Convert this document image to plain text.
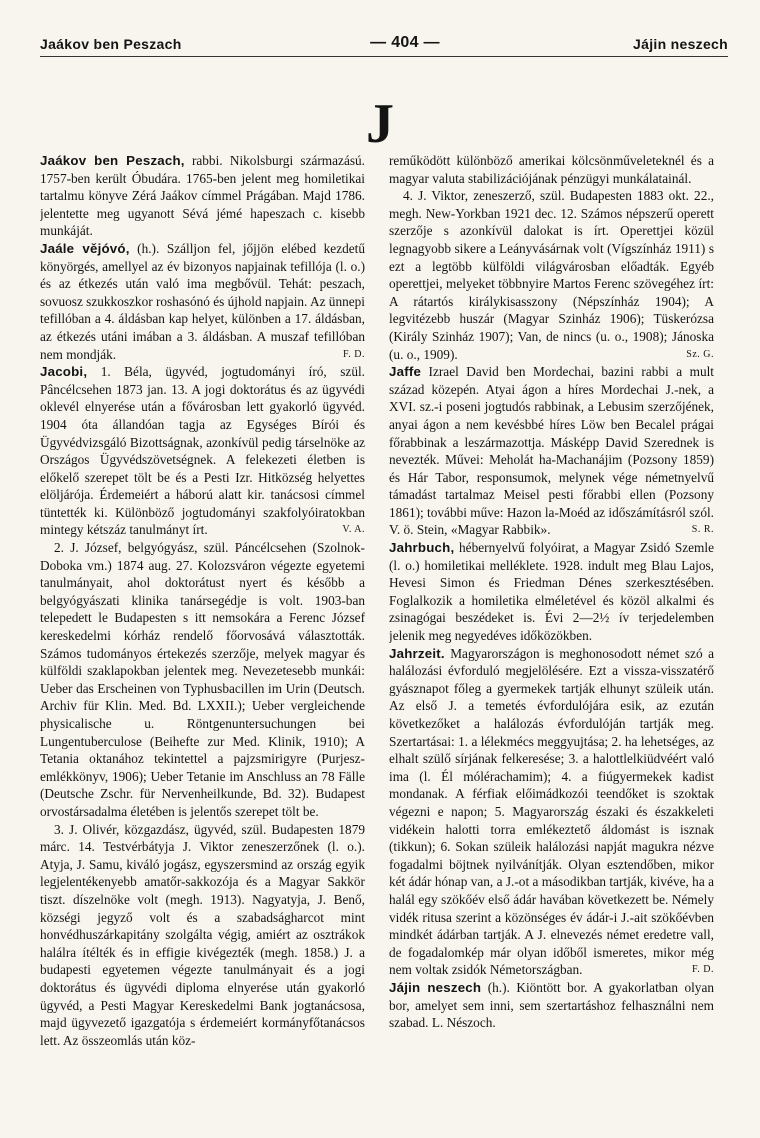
Jaákov ben Peszach	— 404 —	Jájin neszech
J

Jaákov ben Peszach, rabbi. Nikolsburgi származású. 1757-ben került Óbudára. 1765-ben jelent meg homiletikai tartalmu könyve Zérá Jaákov címmel Prágában. Majd 1786. jelentette meg ugyanott Sévá jémé hapeszach c. kisebb munkáját.

Jaále vějóvó, (h.). Szálljon fel, jőjjön elébed kezdetű könyörgés, amellyel az év bizonyos napjainak tefillója (l. o.) és az étkezés után való ima megbővül. Tehát: peszach, sovuosz szukkoszkor roshasónó és újhold napjain. Az ünnepi tefillóban a 4. áldásban kap helyet, különben a 17. áldásban, az étkezés utáni imában a 3. áldásban. A muszaf tefillóban nem mondják.	F. D.

Jacobi, 1. Béla, ügyvéd, jogtudományi író, szül. Pâncélcsehen 1873 jan. 13. A jogi doktorátus és az ügyvédi oklevél elnyerése után a fővárosban lett gyakorló ügyvéd. 1904 óta állandóan tagja az Egységes Bírói és Ügyvédvizsgáló Bizottságnak, azonkívül pedig társelnöke az Országos Ügyvédszövetségnek. A felekezeti életben is előkelő szerepet tölt be és a Pesti Izr. Hitközség helyettes elöljárója. Érdemeiért a háború alatt kir. tanácsosi címmel tüntették ki. Különböző jogtudományi szakfolyóiratokban mintegy kétszáz tanulmányt írt.	V. A.

2. J. József, belgyógyász, szül. Páncélcsehen (Szolnok-Doboka vm.) 1874 aug. 27. Kolozsváron végezte egyetemi tanulmányait, ahol doktorátust nyert és később a belgyógyászati klinika tanársegédje is volt. 1903-ban telepedett le Budapesten s itt nemsokára a Ferenc József kereskedelmi kórház rendelő főorvosává választották. Számos tudományos értekezés szerzője, melyek magyar és külföldi szaklapokban jelentek meg. Nevezetesebb munkái: Ueber das Erscheinen von Typhusbacillen im Urin (Deutsch. Archiv für Klin. Med. Bd. LXXII.); Ueber vergleichende physicalische u. Röntgenuntersuchungen bei Lungentuberculose (Beihefte zur Med. Klinik, 1910); A Tetania oktanához tekintettel a pajzsmirigyre (Purjesz-emlékkönyv, 1906); Ueber Tetanie im Anschluss an 78 Fälle (Deutsche Zschr. für Nervenheilkunde, Bd. 32). Budapest orvostársadalma életében is jelentős szerepet tölt be.

3. J. Olivér, közgazdász, ügyvéd, szül. Budapesten 1879 márc. 14. Testvérbátyja J. Viktor zeneszerzőnek (l. o.). Atyja, J. Samu, kiváló jogász, egyszersmind az ország egyik legjelentékenyebb amatőr-sakkozója és a Magyar Sakkör tiszt. díszelnöke volt (megh. 1913). Nagyatyja, J. Benő, községi jegyző volt és a szabadságharcot mint honvédhuszárkapitány szolgálta végig, amiért az osztrákok halálra ítélték és in effigie kivégezték (megh. 1858.) J. a budapesti egyetemen végezte tanulmányait és a jogi doktorátus és ügyvédi diploma elnyerése után gyakorló ügyvéd, a Pesti Magyar Kereskedelmi Bank jogtanácsosa, majd ügyvezető igazgatója s érdemeiért kormányfőtanácsos lett. Az összeomlás után köz-

reműködött különböző amerikai kölcsönműveleteknél és a magyar valuta stabilizációjának pénzügyi munkálatainál.

4. J. Viktor, zeneszerző, szül. Budapesten 1883 okt. 22., megh. New-Yorkban 1921 dec. 12. Számos népszerű operett szerzője s azonkívül dalokat is írt. Operettjei közül legnagyobb sikere a Leányvásárnak volt (Vígszínház 1911) s ezt a legtöbb külföldi világvárosban előadták. Egyéb operettjei, melyeket többnyire Martos Ferenc szövegéhez írt: A rátartós királykisasszony (Népszínház 1904); A legvitézebb huszár (Magyar Szinház 1906); Tüskerózsa (Király Szinház 1907); Van, de nincs (u. o., 1908); Jánoska (u. o., 1909).	Sz. G.

Jaffe Izrael David ben Mordechai, bazini rabbi a mult század közepén. Atyai ágon a híres Mordechai J.-nek, a XVI. sz.-i poseni jogtudós rabbinak, a Lebusim szerzőjének, anyai ágon a nem kevésbbé híres Löw ben Becalel prágai főrabbinak a leszármazottja. Másképp David Szerednek is nevezték. Művei: Meholát ha-Machanájim (Pozsony 1859) és Hár Tabor, responsumok, melynek vége németnyelvű támadást tartalmaz Meisel pesti főrabbi ellen (Pozsony 1861); további műve: Hazon la-Moéd az időszámításról szól. V. ö. Stein, «Magyar Rabbik».	S. R.

Jahrbuch, hébernyelvű folyóirat, a Magyar Zsidó Szemle (l. o.) homiletikai melléklete. 1928. indult meg Blau Lajos, Hevesi Simon és Friedman Dénes szerkesztésében. Foglalkozik a homiletika elméletével és közöl alkalmi és zsinagógai beszédeket is. Évi 2—2½ ív terjedelemben jelenik meg negyedéves időközökben.

Jahrzeit. Magyarországon is meghonosodott német szó a halálozási évforduló megjelölésére. Ezt a vissza-visszatérő gyásznapot főleg a gyermekek tartják elhunyt szüleik után. Az első J. a temetés évfordulójára esik, az ezután következőket a halálozás évfordulóján tartják meg. Szertartásai: 1. a lélekmécs meggyujtása; 2. ha lehetséges, az elhalt szülő sírjának felkeresése; 3. a halottlelkiüdvéért való ima (l. Él mólérachamim); 4. a fiúgyermekek kadist mondanak. A férfiak előimádkozói teendőket is szoktak végezni e napon; 5. Magyarország északi és északkeleti vidékein halotti torra emlékeztető áldomást is isznak (tikkun); 6. Sokan szüleik halálozási napját magukra nézve fogadalmi böjtnek nyilvánítják. Olyan esztendőben, mikor két ádár hónap van, a J.-ot a másodikban tartják, kivéve, ha a halál egy szökőév első ádár havában következett be. Némely vidék ritusa szerint a közönséges év ádár-i J.-ait szökőévben mindkét ádárban tartják. A J. elnevezés német eredetre vall, de fogadalomkép már olyan időből ismeretes, mikor még nem voltak zsidók Németországban.	F. D.

Jájin neszech (h.). Kiöntött bor. A gyakorlatban olyan bor, amelyet sem inni, sem szertartáshoz felhasználni nem szabad. L. Nészoch.
